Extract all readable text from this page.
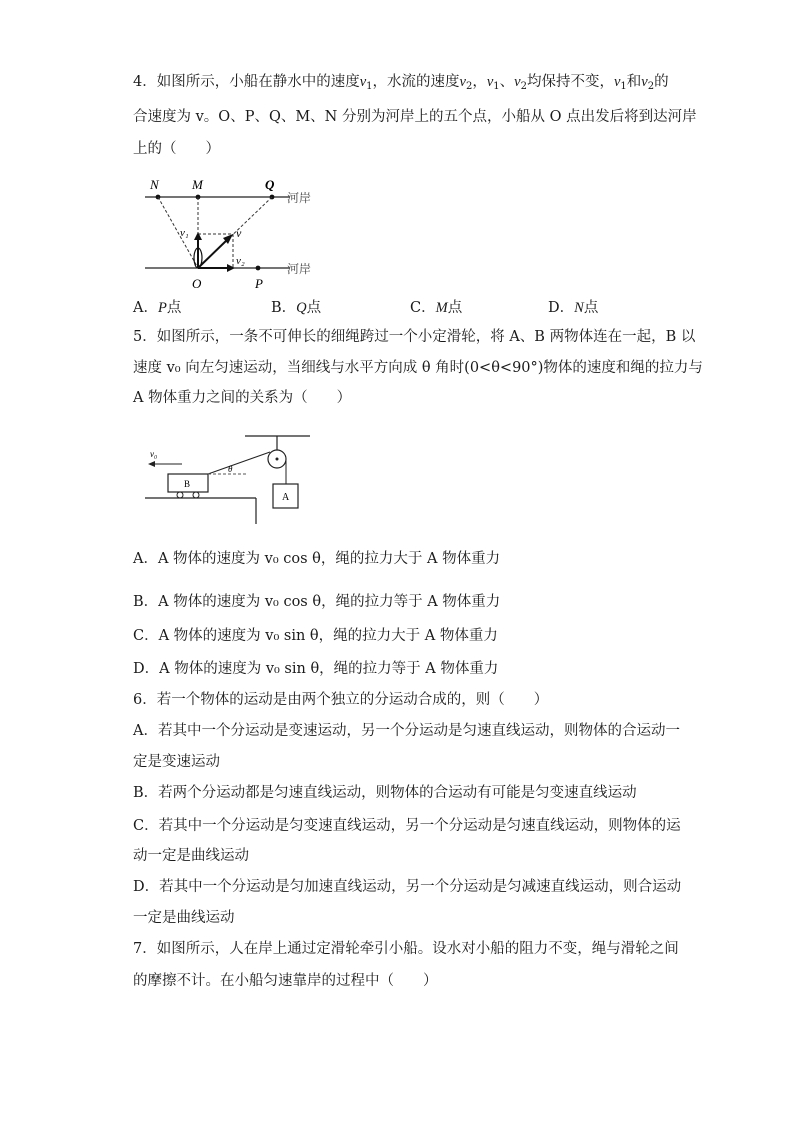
4．如图所示，小船在静水中的速度$v_1$，水流的速度$v_2$，$v_1$、$v_2$均保持不变，$v_1$和$v_2$的
合速度为 v。O、P、Q、M、N 分别为河岸上的五个点，小船从 O 点出发后将到达河岸
上的（　　）
N	M	Q
O	P
v
v₁
v₂
河岸
河岸
A．P点	B．Q点	C．M点	D．N点
5．如图所示，一条不可伸长的细绳跨过一个小定滑轮，将 A、B 两物体连在一起，B 以
速度 v₀ 向左匀速运动，当细线与水平方向成 θ 角时(0<θ<90°)物体的速度和绳的拉力与
A 物体重力之间的关系为（　　）
A
B
θ
v₀
A．A 物体的速度为 v₀ cos θ，绳的拉力大于 A 物体重力
B．A 物体的速度为 v₀ cos θ，绳的拉力等于 A 物体重力
C．A 物体的速度为 v₀ sin θ，绳的拉力大于 A 物体重力
D．A 物体的速度为 v₀ sin θ，绳的拉力等于 A 物体重力
6．若一个物体的运动是由两个独立的分运动合成的，则（　　）
A．若其中一个分运动是变速运动，另一个分运动是匀速直线运动，则物体的合运动一
定是变速运动
B．若两个分运动都是匀速直线运动，则物体的合运动有可能是匀变速直线运动
C．若其中一个分运动是匀变速直线运动，另一个分运动是匀速直线运动，则物体的运
动一定是曲线运动
D．若其中一个分运动是匀加速直线运动，另一个分运动是匀减速直线运动，则合运动
一定是曲线运动
7．如图所示，人在岸上通过定滑轮牵引小船。设水对小船的阻力不变，绳与滑轮之间
的摩擦不计。在小船匀速靠岸的过程中（　　）
